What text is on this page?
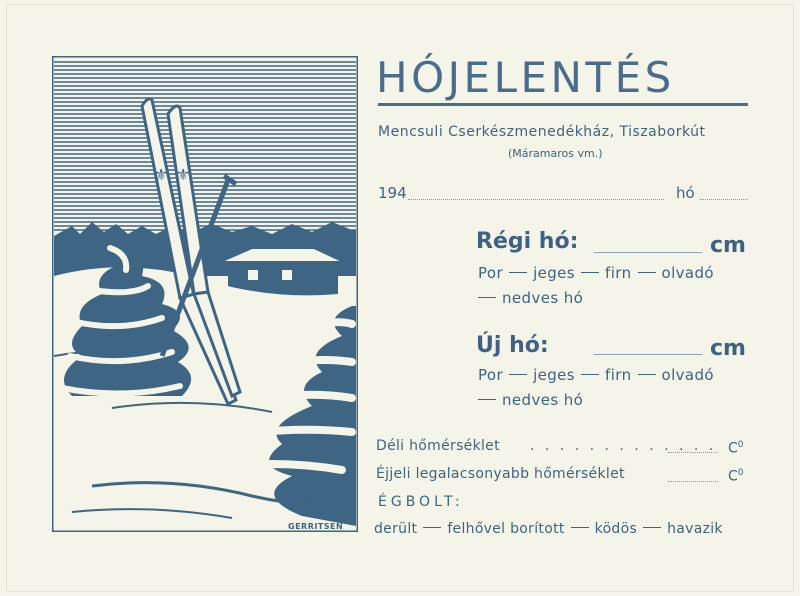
⚜ ⚜
GERRITSEN
HÓJELENTÉS
Mencsuli Cserkészmenedékház, Tiszaborkút
(Máramaros vm.)
194	hó
Régi hó:	cm
Por jeges firn olvadó
nedves hó
Új hó:	cm
Por jeges firn olvadó
nedves hó
Déli hőmérséklet . . . . . . . . . . . . . $C^0$
Éjjeli legalacsonyabb hőmérséklet	$C^0$
ÉGBOLT:
derült felhővel borított ködös havazik
